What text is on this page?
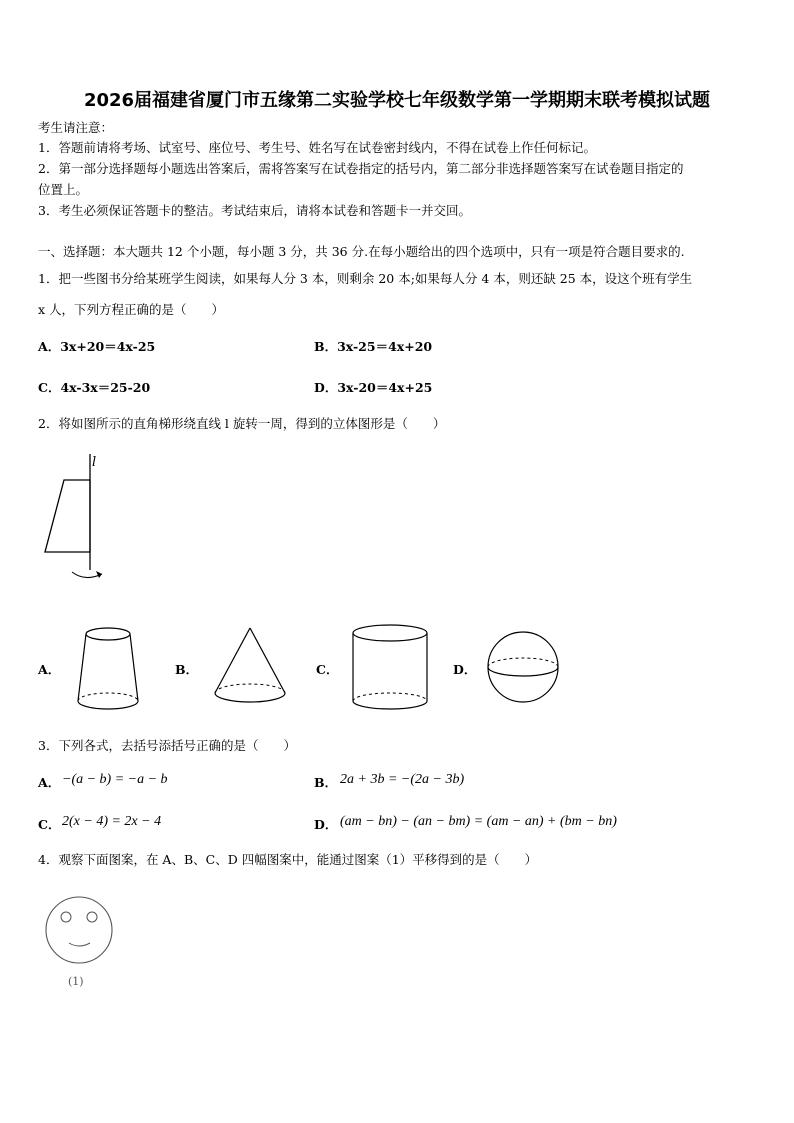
2026届福建省厦门市五缘第二实验学校七年级数学第一学期期末联考模拟试题
考生请注意：
1．答题前请将考场、试室号、座位号、考生号、姓名写在试卷密封线内，不得在试卷上作任何标记。
2．第一部分选择题每小题选出答案后，需将答案写在试卷指定的括号内，第二部分非选择题答案写在试卷题目指定的
位置上。
3．考生必须保证答题卡的整洁。考试结束后，请将本试卷和答题卡一并交回。
一、选择题：本大题共 12 个小题，每小题 3 分，共 36 分.在每小题给出的四个选项中，只有一项是符合题目要求的.
1．把一些图书分给某班学生阅读，如果每人分 3 本，则剩余 20 本;如果每人分 4 本，则还缺 25 本，设这个班有学生
x 人，下列方程正确的是（　　）
A．3x+20＝4x-25	B．3x-25＝4x+20
C．4x-3x＝25-20	D．3x-20＝4x+25
2．将如图所示的直角梯形绕直线 l 旋转一周，得到的立体图形是（　　）
l
A．	B．	C．	D．
3．下列各式，去括号添括号正确的是（　　）
A． −(a − b) = −a − b	B． 2a + 3b = −(2a − 3b)
C． 2(x − 4) = 2x − 4	D． (am − bn) − (an − bm) = (am − an) + (bm − bn)
4．观察下面图案，在 A、B、C、D 四幅图案中，能通过图案（1）平移得到的是（　　）
(1)
